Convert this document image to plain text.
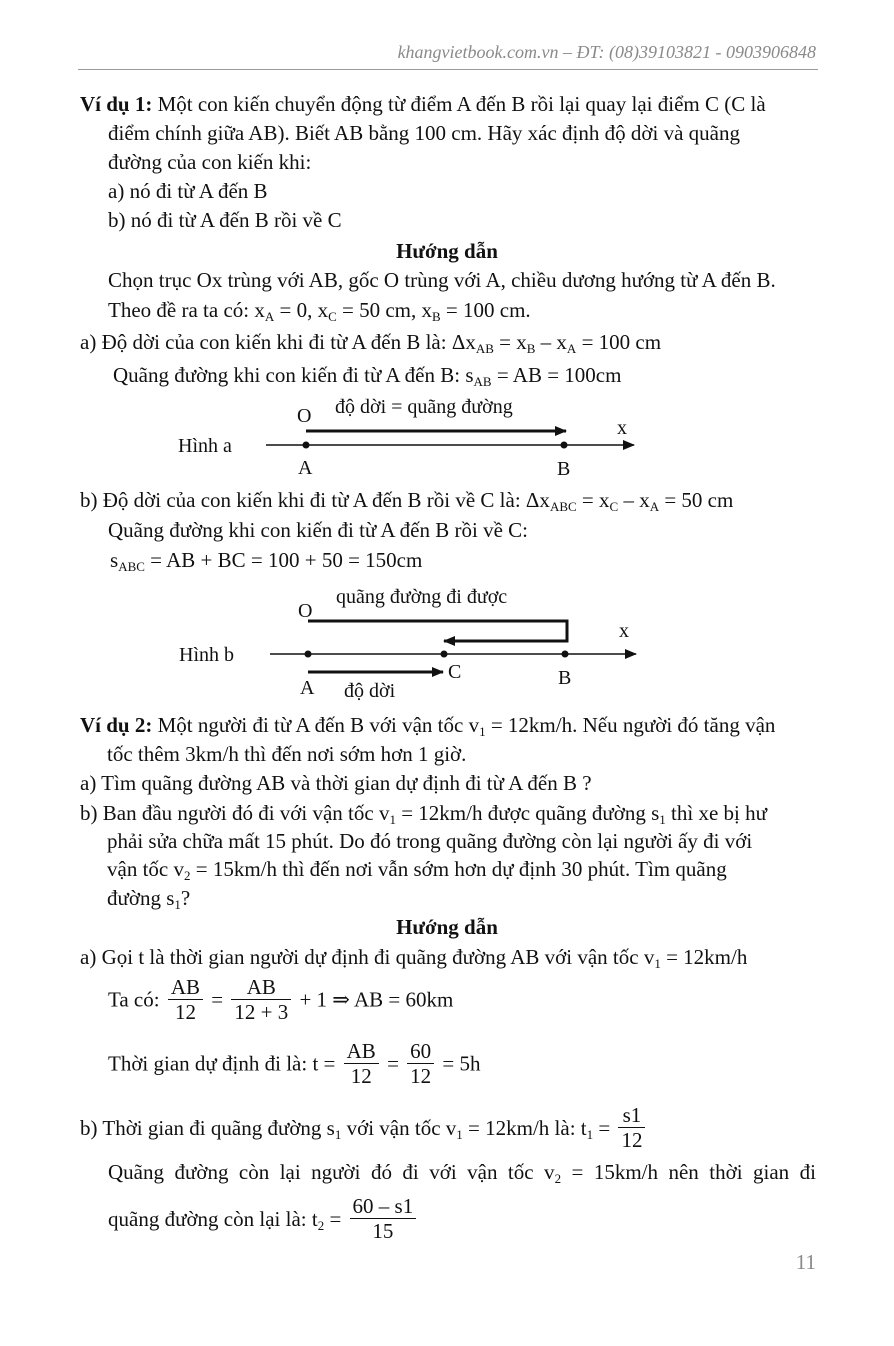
khangvietbook.com.vn – ĐT: (08)39103821 - 0903906848
Ví dụ 1: Một con kiến chuyển động từ điểm A đến B rồi lại quay lại điểm C (C là
điểm chính giữa AB). Biết AB bằng 100 cm. Hãy xác định độ dời và quãng
đường của con kiến khi:
a) nó đi từ A đến B
b) nó đi từ A đến B rồi về C
Hướng dẫn
Chọn trục Ox trùng với AB, gốc O trùng với A, chiều dương hướng từ A đến B.
Theo đề ra ta có: $x_A = 0$, $x_C = 50$ cm, $x_B = 100$ cm.
a) Độ dời của con kiến khi đi từ A đến B là: $\Delta x_{AB} = x_B - x_A = 100$ cm
Quãng đường khi con kiến đi từ A đến B: $s_{AB}$ = AB = 100cm
Hình a
O độ dời = quãng đường
x
A	B
b) Độ dời của con kiến khi đi từ A đến B rồi về C là: $\Delta x_{ABC} = x_C - x_A = 50$ cm
Quãng đường khi con kiến đi từ A đến B rồi về C:
$s_{ABC}$ = AB + BC = 100 + 50 = 150cm
quãng đường đi được
O
x
Hình b
C	B
A độ dời
Ví dụ 2: Một người đi từ A đến B với vận tốc $v_1 = 12km/h$. Nếu người đó tăng vận
tốc thêm 3km/h thì đến nơi sớm hơn 1 giờ.
a) Tìm quãng đường AB và thời gian dự định đi từ A đến B ?
b) Ban đầu người đó đi với vận tốc $v_1 = 12km/h$ được quãng đường $s_1$ thì xe bị hư
phải sửa chữa mất 15 phút. Do đó trong quãng đường còn lại người ấy đi với
vận tốc $v_2 = 15km/h$ thì đến nơi vẫn sớm hơn dự định 30 phút. Tìm quãng
đường $s_1$?
Hướng dẫn
a) Gọi t là thời gian người dự định đi quãng đường AB với vận tốc $v_1 = 12km/h$
Ta có: $\frac{AB}{12} = \frac{AB}{12 + 3} + 1$ ⇒ AB = 60km
Thời gian dự định đi là: $t = \frac{AB}{12} = \frac{60}{12} = 5h$
b) Thời gian đi quãng đường $s_1$ với vận tốc $v_1 = 12km/h$ là: $t_1 = \frac{s1}{12}$
Quãng đường còn lại người đó đi với vận tốc $v_2 = 15km/h$ nên thời gian đi
quãng đường còn lại là: $t_2 = \frac{60 - s1}{15}$
11
